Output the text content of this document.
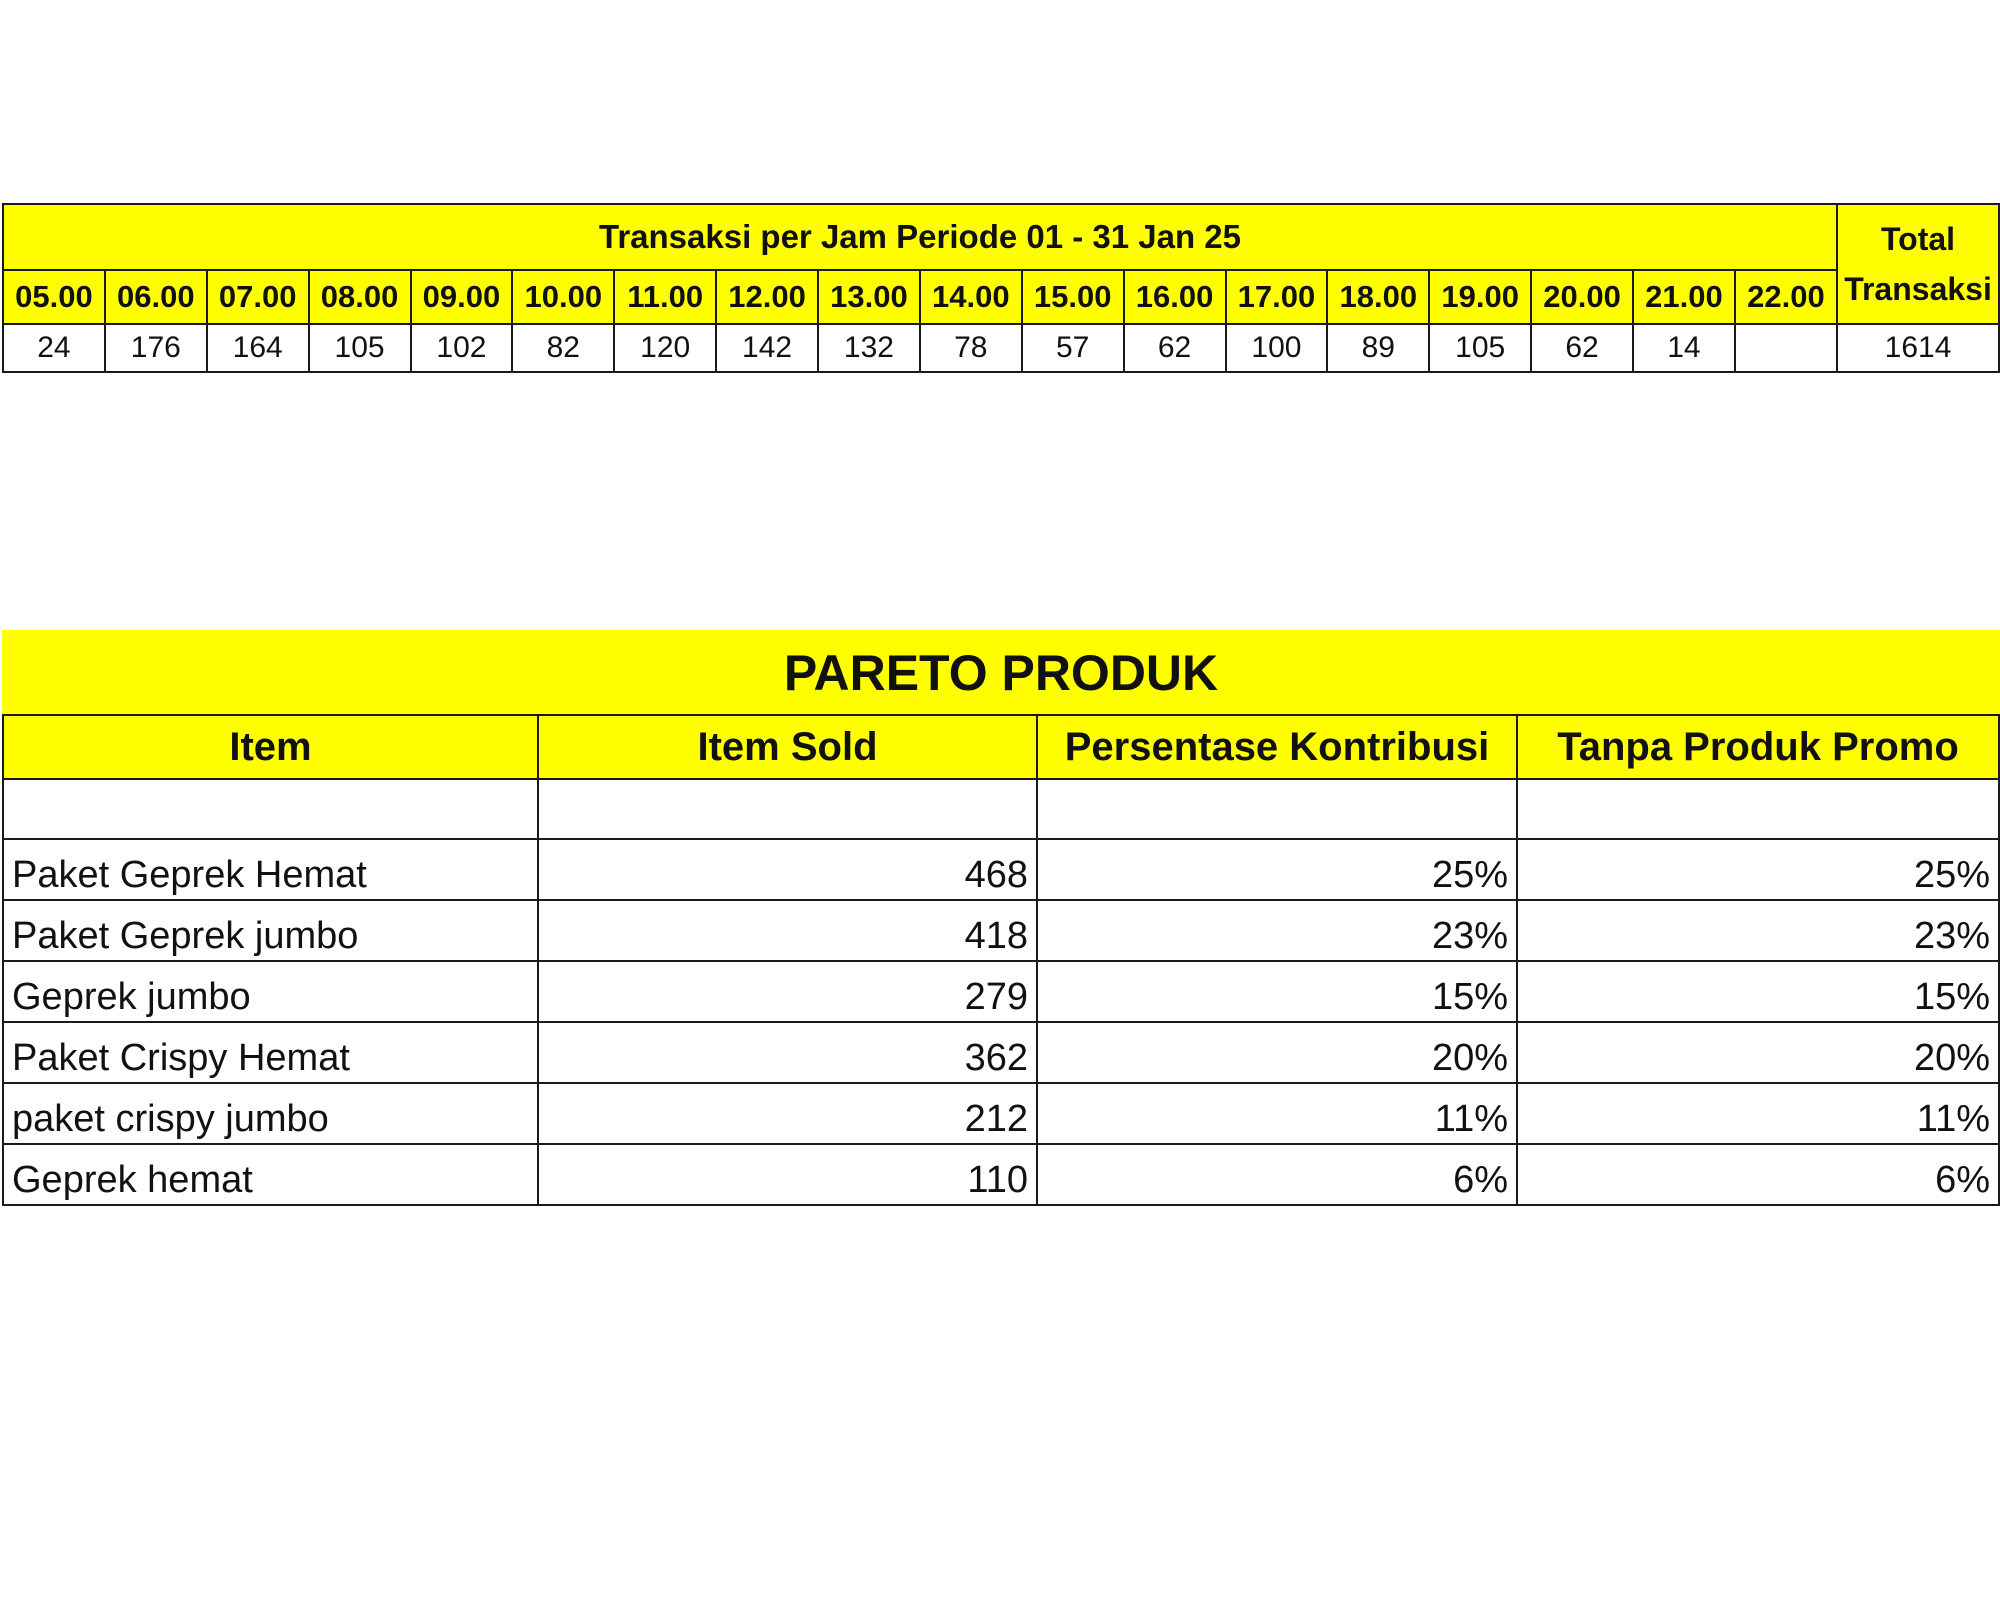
Transaksi per Jam Periode 01 - 31 Jan 25																		Total Transaksi
05.00	06.00	07.00	08.00	09.00	10.00	11.00	12.00	13.00	14.00	15.00	16.00	17.00	18.00	19.00	20.00	21.00	22.00	
24	176	164	105	102	82	120	142	132	78	57	62	100	89	105	62	14		1614
PARETO PRODUK			
Item	Item Sold	Persentase Kontribusi	Tanpa Produk Promo

Paket Geprek Hemat	468	25%	25%
Paket Geprek jumbo	418	23%	23%
Geprek jumbo	279	15%	15%
Paket Crispy Hemat	362	20%	20%
paket crispy jumbo	212	11%	11%
Geprek hemat	110	6%	6%
